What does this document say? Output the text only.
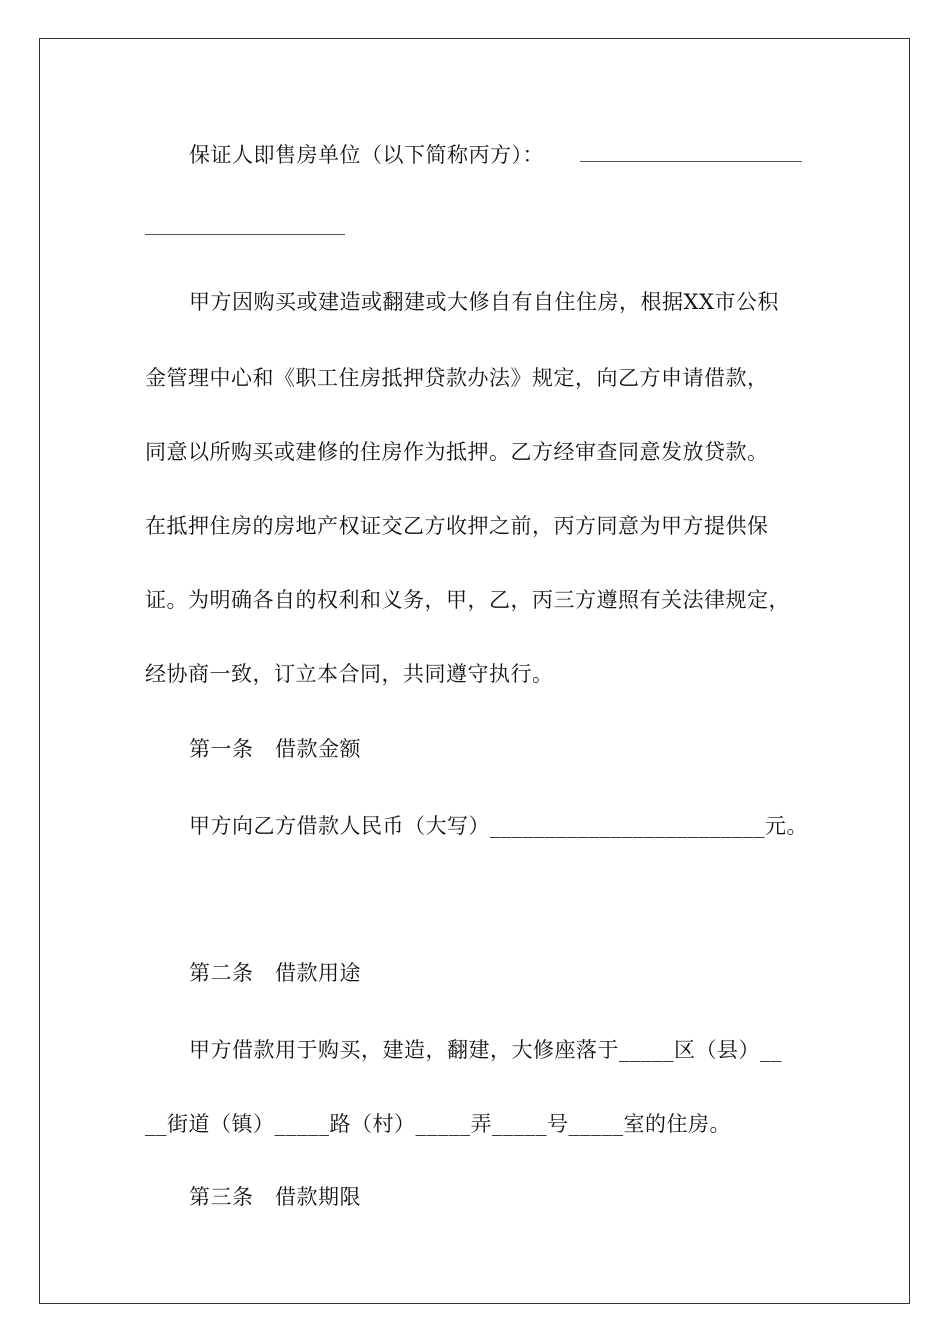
保证人即售房单位（以下简称丙方）：
甲方因购买或建造或翻建或大修自有自住住房，根据XX市公积
金管理中心和《职工住房抵押贷款办法》规定，向乙方申请借款，
同意以所购买或建修的住房作为抵押。乙方经审查同意发放贷款。
在抵押住房的房地产权证交乙方收押之前，丙方同意为甲方提供保
证。为明确各自的权利和义务，甲，乙，丙三方遵照有关法律规定，
经协商一致，订立本合同，共同遵守执行。
第一条　借款金额
甲方向乙方借款人民币（大写）_________________________元。
第二条　借款用途
甲方借款用于购买，建造，翻建，大修座落于_____区（县）__
__街道（镇）_____路（村）_____弄_____号_____室的住房。
第三条　借款期限
